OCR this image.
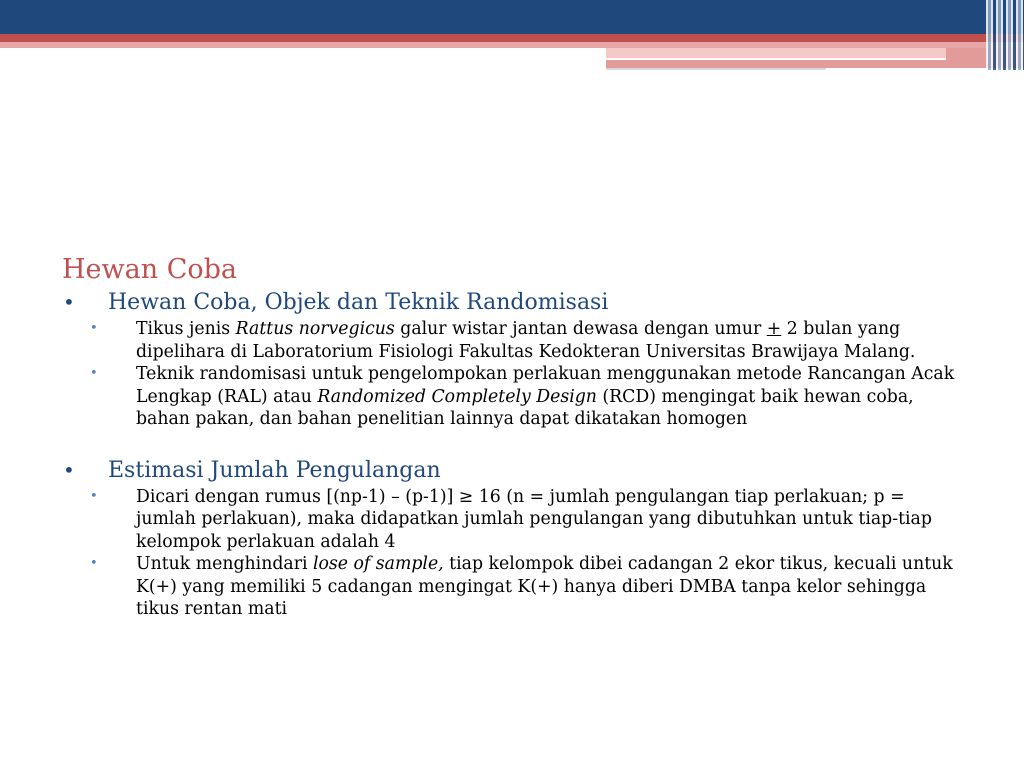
Hewan Coba
•	Hewan Coba, Objek dan Teknik Randomisasi

• Tikus jenis Rattus norvegicus galur wistar jantan dewasa dengan umur + 2 bulan yang dipelihara di Laboratorium Fisiologi Fakultas Kedokteran Universitas Brawijaya Malang.

• Teknik randomisasi untuk pengelompokan perlakuan menggunakan metode Rancangan Acak Lengkap (RAL) atau Randomized Completely Design (RCD) mengingat baik hewan coba, bahan pakan, dan bahan penelitian lainnya dapat dikatakan homogen

•	Estimasi Jumlah Pengulangan

• Dicari dengan rumus [(np-1) – (p-1)] ≥ 16 (n = jumlah pengulangan tiap perlakuan; p = jumlah perlakuan), maka didapatkan jumlah pengulangan yang dibutuhkan untuk tiap-tiap kelompok perlakuan adalah 4

• Untuk menghindari lose of sample, tiap kelompok dibei cadangan 2 ekor tikus, kecuali untuk K(+) yang memiliki 5 cadangan mengingat K(+) hanya diberi DMBA tanpa kelor sehingga tikus rentan mati
